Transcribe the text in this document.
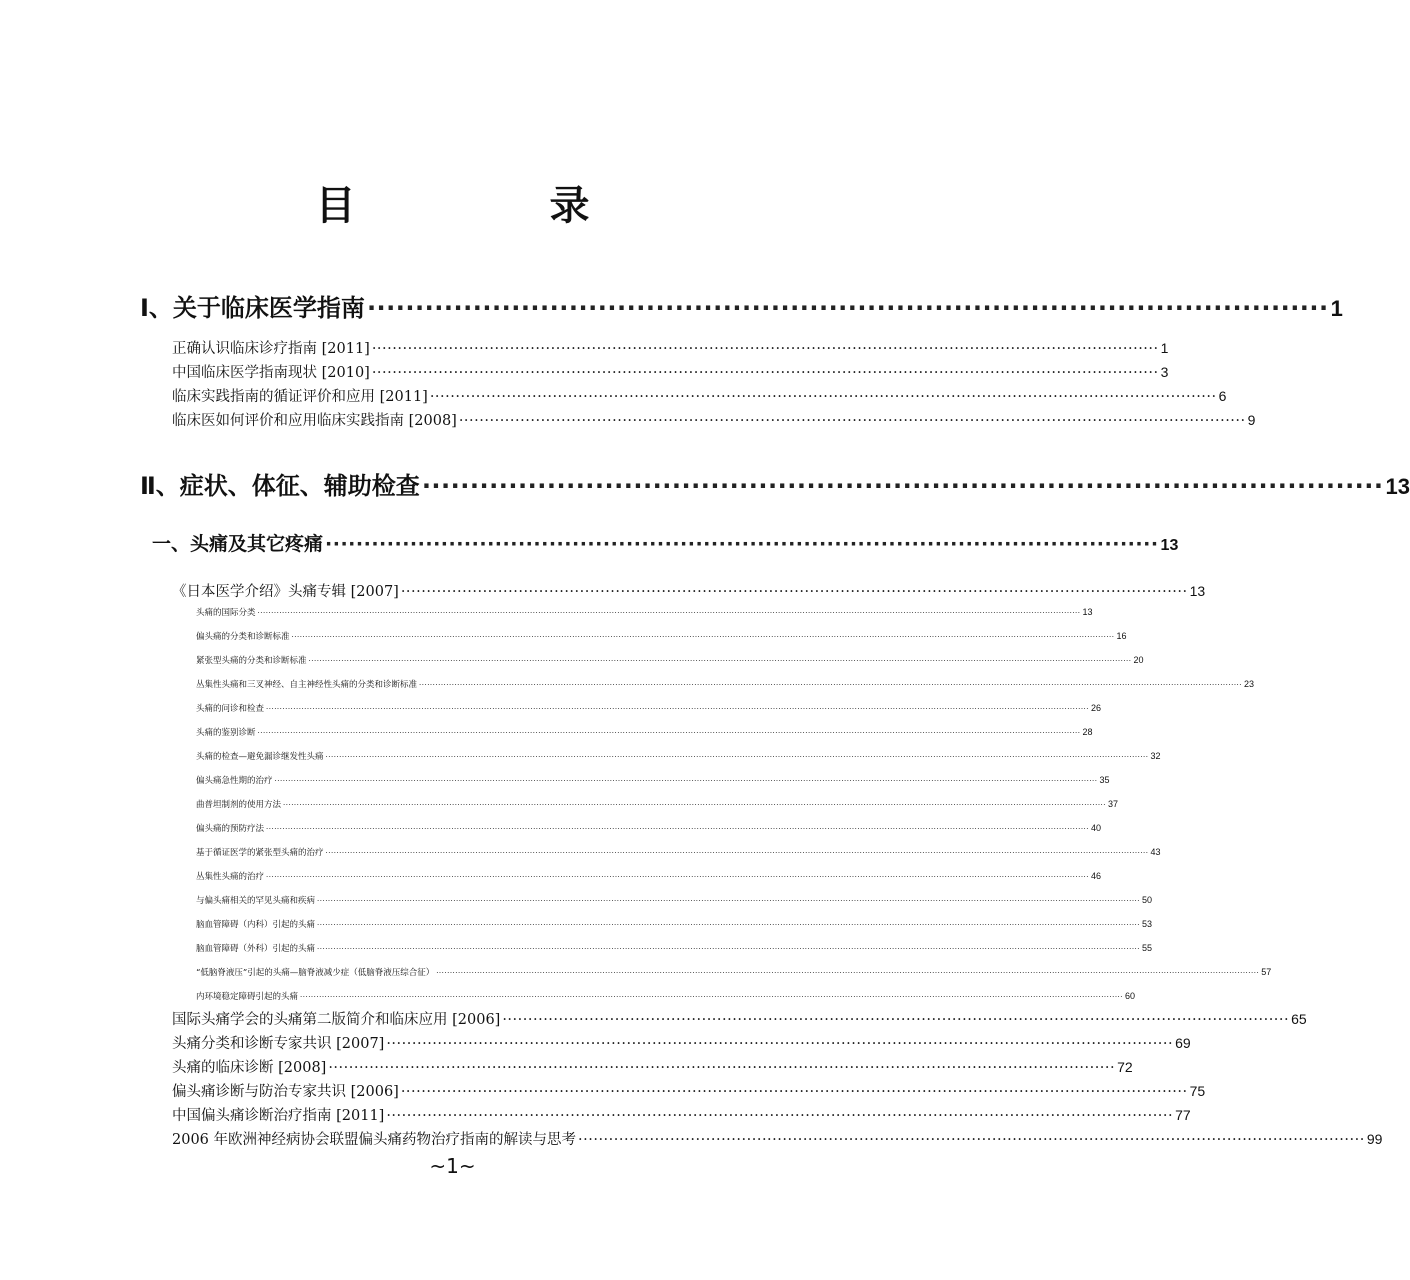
目 录
Ⅰ、关于临床医学指南 ···································································································· 1
正确认识临床诊疗指南 [2011] ·························································································································································· 1
中国临床医学指南现状 [2010] ·························································································································································· 3
临床实践指南的循证评价和应用 [2011] ·························································································································································· 6
临床医如何评价和应用临床实践指南 [2008] ·························································································································································· 9
Ⅱ、症状、体征、辅助检查 ···································································································· 13
一、头痛及其它疼痛 ············································································································ 13
《日本医学介绍》头痛专辑 [2007] ·························································································································································· 13
头痛的国际分类 ·············································································································································································································································································································· 13
偏头痛的分类和诊断标准 ·············································································································································································································································································································· 16
紧张型头痛的分类和诊断标准 ·············································································································································································································································································································· 20
丛集性头痛和三叉神经、自主神经性头痛的分类和诊断标准 ·············································································································································································································································································································· 23
头痛的问诊和检查 ·············································································································································································································································································································· 26
头痛的鉴别诊断 ·············································································································································································································································································································· 28
头痛的检查—避免漏诊继发性头痛 ·············································································································································································································································································································· 32
偏头痛急性期的治疗 ·············································································································································································································································································································· 35
曲普坦制剂的使用方法 ·············································································································································································································································································································· 37
偏头痛的预防疗法 ·············································································································································································································································································································· 40
基于循证医学的紧张型头痛的治疗 ·············································································································································································································································································································· 43
丛集性头痛的治疗 ·············································································································································································································································································································· 46
与偏头痛相关的罕见头痛和疾病 ·············································································································································································································································································································· 50
脑血管障碍（内科）引起的头痛 ·············································································································································································································································································································· 53
脑血管障碍（外科）引起的头痛 ·············································································································································································································································································································· 55
“低脑脊液压”引起的头痛—脑脊液减少症（低脑脊液压综合征） ·············································································································································································································································································································· 57
内环境稳定障碍引起的头痛 ·············································································································································································································································································································· 60
国际头痛学会的头痛第二版简介和临床应用 [2006] ·························································································································································· 65
头痛分类和诊断专家共识 [2007] ·························································································································································· 69
头痛的临床诊断 [2008] ·························································································································································· 72
偏头痛诊断与防治专家共识 [2006] ·························································································································································· 75
中国偏头痛诊断治疗指南 [2011] ·························································································································································· 77
2006 年欧洲神经病协会联盟偏头痛药物治疗指南的解读与思考 ·························································································································································· 99
~1~
